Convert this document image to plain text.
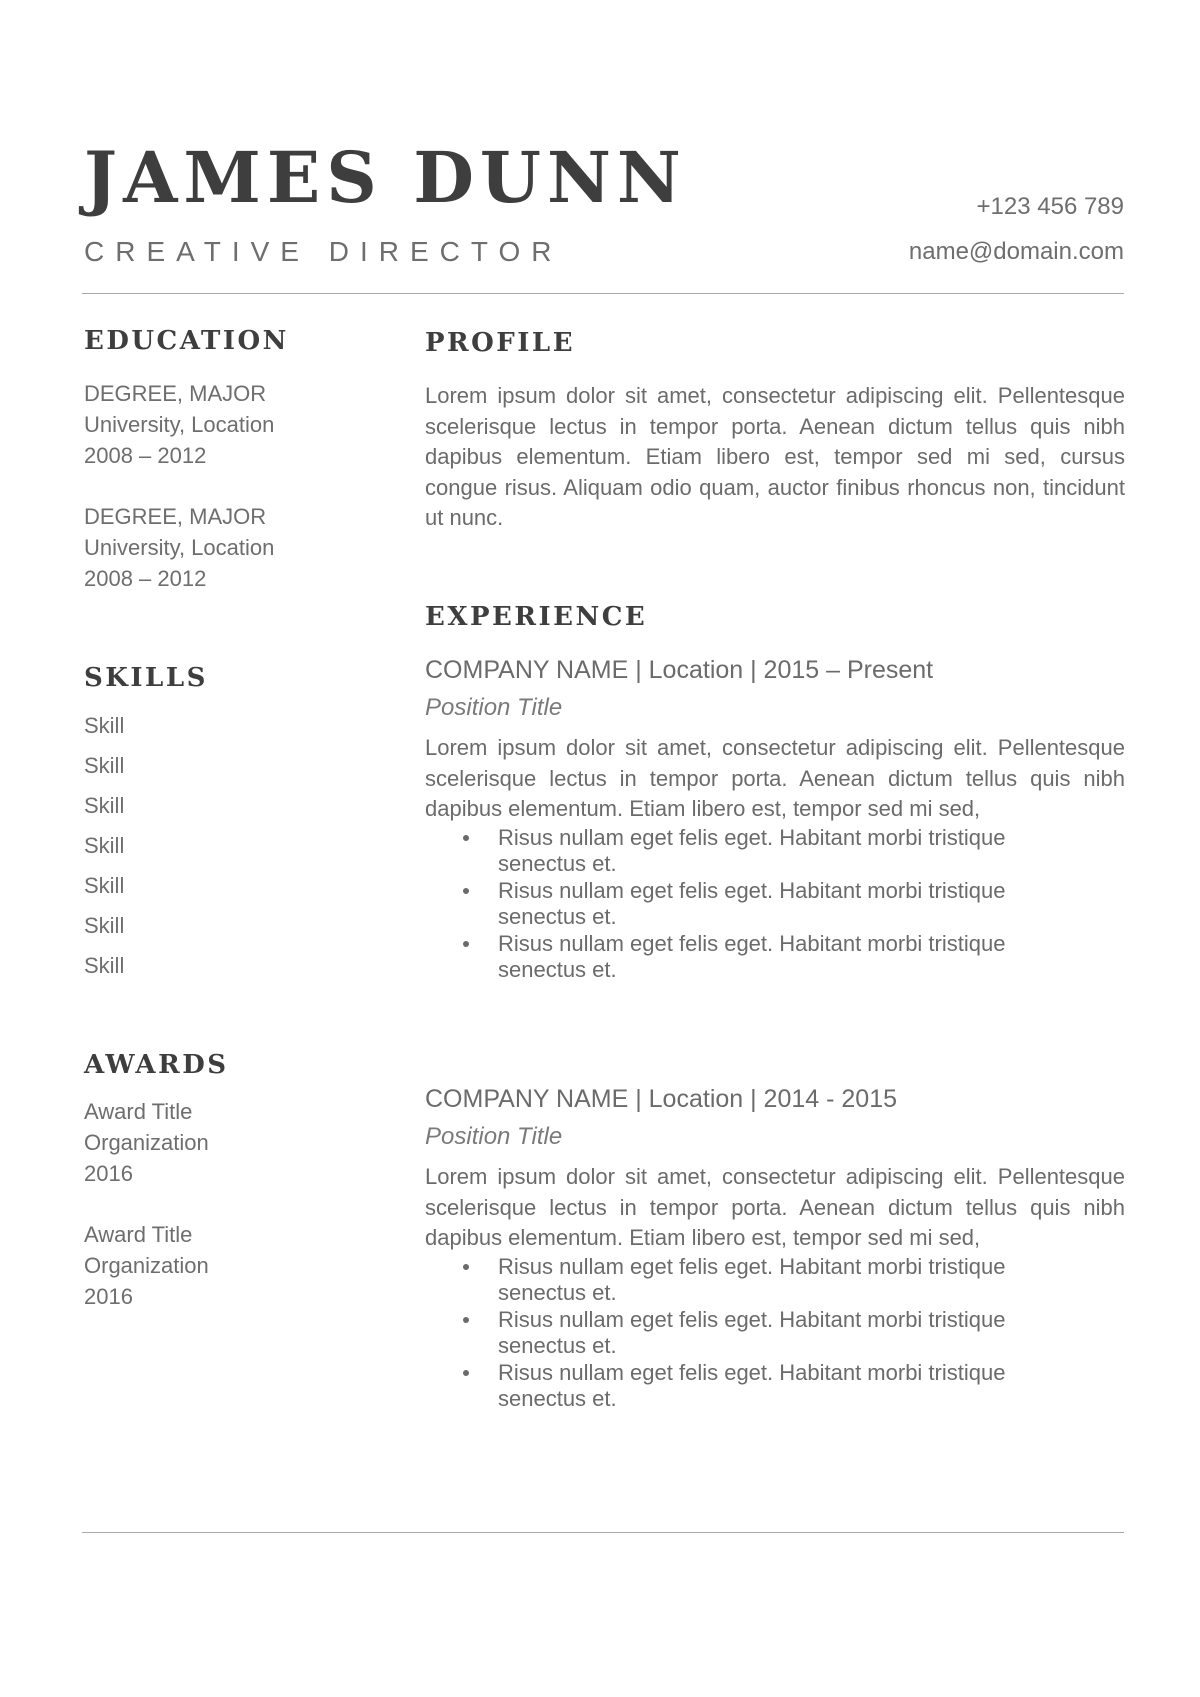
JAMES DUNN
CREATIVE DIRECTOR
+123 456 789
name@domain.com
EDUCATION
DEGREE, MAJOR
University, Location
2008 – 2012
DEGREE, MAJOR
University, Location
2008 – 2012
SKILLS
Skill
Skill
Skill
Skill
Skill
Skill
Skill
AWARDS
Award Title
Organization
2016
Award Title
Organization
2016
PROFILE

Lorem ipsum dolor sit amet, consectetur adipiscing elit. Pellentesque scelerisque lectus in tempor porta. Aenean dictum tellus quis nibh dapibus elementum. Etiam libero est, tempor sed mi sed, cursus congue risus. Aliquam odio quam, auctor finibus rhoncus non, tincidunt ut nunc.

EXPERIENCE
COMPANY NAME | Location | 2015 – Present
Position Title

Lorem ipsum dolor sit amet, consectetur adipiscing elit. Pellentesque scelerisque lectus in tempor porta. Aenean dictum tellus quis nibh dapibus elementum. Etiam libero est, tempor sed mi sed,

Risus nullam eget felis eget. Habitant morbi tristique senectus et.
Risus nullam eget felis eget. Habitant morbi tristique senectus et.
Risus nullam eget felis eget. Habitant morbi tristique senectus et.
COMPANY NAME | Location | 2014 - 2015
Position Title

Lorem ipsum dolor sit amet, consectetur adipiscing elit. Pellentesque scelerisque lectus in tempor porta. Aenean dictum tellus quis nibh dapibus elementum. Etiam libero est, tempor sed mi sed,

Risus nullam eget felis eget. Habitant morbi tristique senectus et.
Risus nullam eget felis eget. Habitant morbi tristique senectus et.
Risus nullam eget felis eget. Habitant morbi tristique senectus et.
